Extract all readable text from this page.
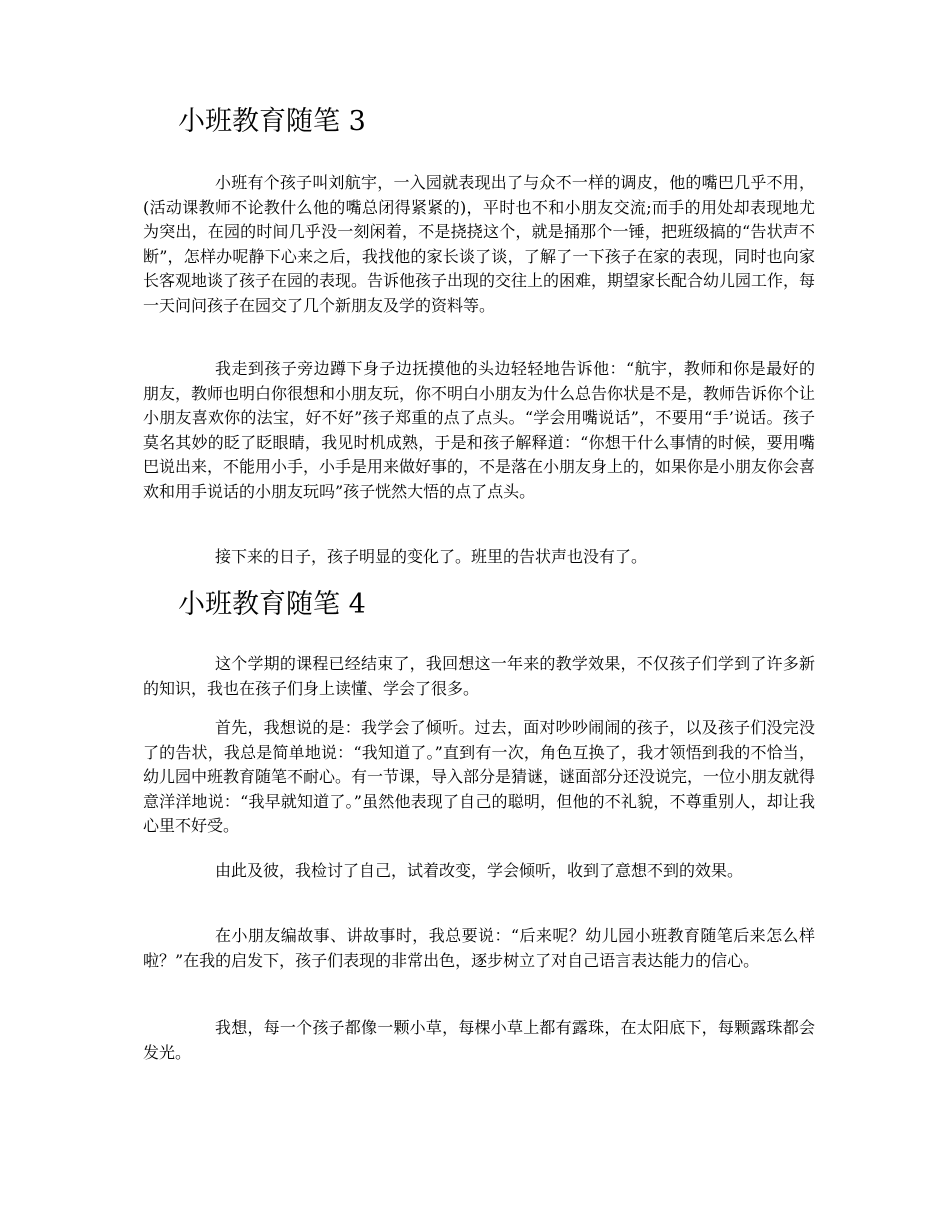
小班教育随笔 3

小班有个孩子叫刘航宇，一入园就表现出了与众不一样的调皮，他的嘴巴几乎不用，(活动课教师不论教什么他的嘴总闭得紧紧的)，平时也不和小朋友交流;而手的用处却表现地尤为突出，在园的时间几乎没一刻闲着，不是挠挠这个，就是捅那个一锤，把班级搞的“告状声不断”，怎样办呢静下心来之后，我找他的家长谈了谈，了解了一下孩子在家的表现，同时也向家长客观地谈了孩子在园的表现。告诉他孩子出现的交往上的困难，期望家长配合幼儿园工作，每一天问问孩子在园交了几个新朋友及学的资料等。

我走到孩子旁边蹲下身子边抚摸他的头边轻轻地告诉他：“航宇，教师和你是最好的朋友，教师也明白你很想和小朋友玩，你不明白小朋友为什么总告你状是不是，教师告诉你个让小朋友喜欢你的法宝，好不好”孩子郑重的点了点头。“学会用嘴说话”，不要用“手’说话。孩子莫名其妙的眨了眨眼睛，我见时机成熟，于是和孩子解释道：“你想干什么事情的时候，要用嘴巴说出来，不能用小手，小手是用来做好事的，不是落在小朋友身上的，如果你是小朋友你会喜欢和用手说话的小朋友玩吗”孩子恍然大悟的点了点头。

接下来的日子，孩子明显的变化了。班里的告状声也没有了。

小班教育随笔 4

这个学期的课程已经结束了，我回想这一年来的教学效果，不仅孩子们学到了许多新的知识，我也在孩子们身上读懂、学会了很多。

首先，我想说的是：我学会了倾听。过去，面对吵吵闹闹的孩子，以及孩子们没完没了的告状，我总是简单地说：“我知道了。”直到有一次，角色互换了，我才领悟到我的不恰当，幼儿园中班教育随笔不耐心。有一节课，导入部分是猜谜，谜面部分还没说完，一位小朋友就得意洋洋地说：“我早就知道了。”虽然他表现了自己的聪明，但他的不礼貌，不尊重别人，却让我心里不好受。

由此及彼，我检讨了自己，试着改变，学会倾听，收到了意想不到的效果。

在小朋友编故事、讲故事时，我总要说：“后来呢？幼儿园小班教育随笔后来怎么样啦？”在我的启发下，孩子们表现的非常出色，逐步树立了对自己语言表达能力的信心。

我想，每一个孩子都像一颗小草，每棵小草上都有露珠，在太阳底下，每颗露珠都会发光。
